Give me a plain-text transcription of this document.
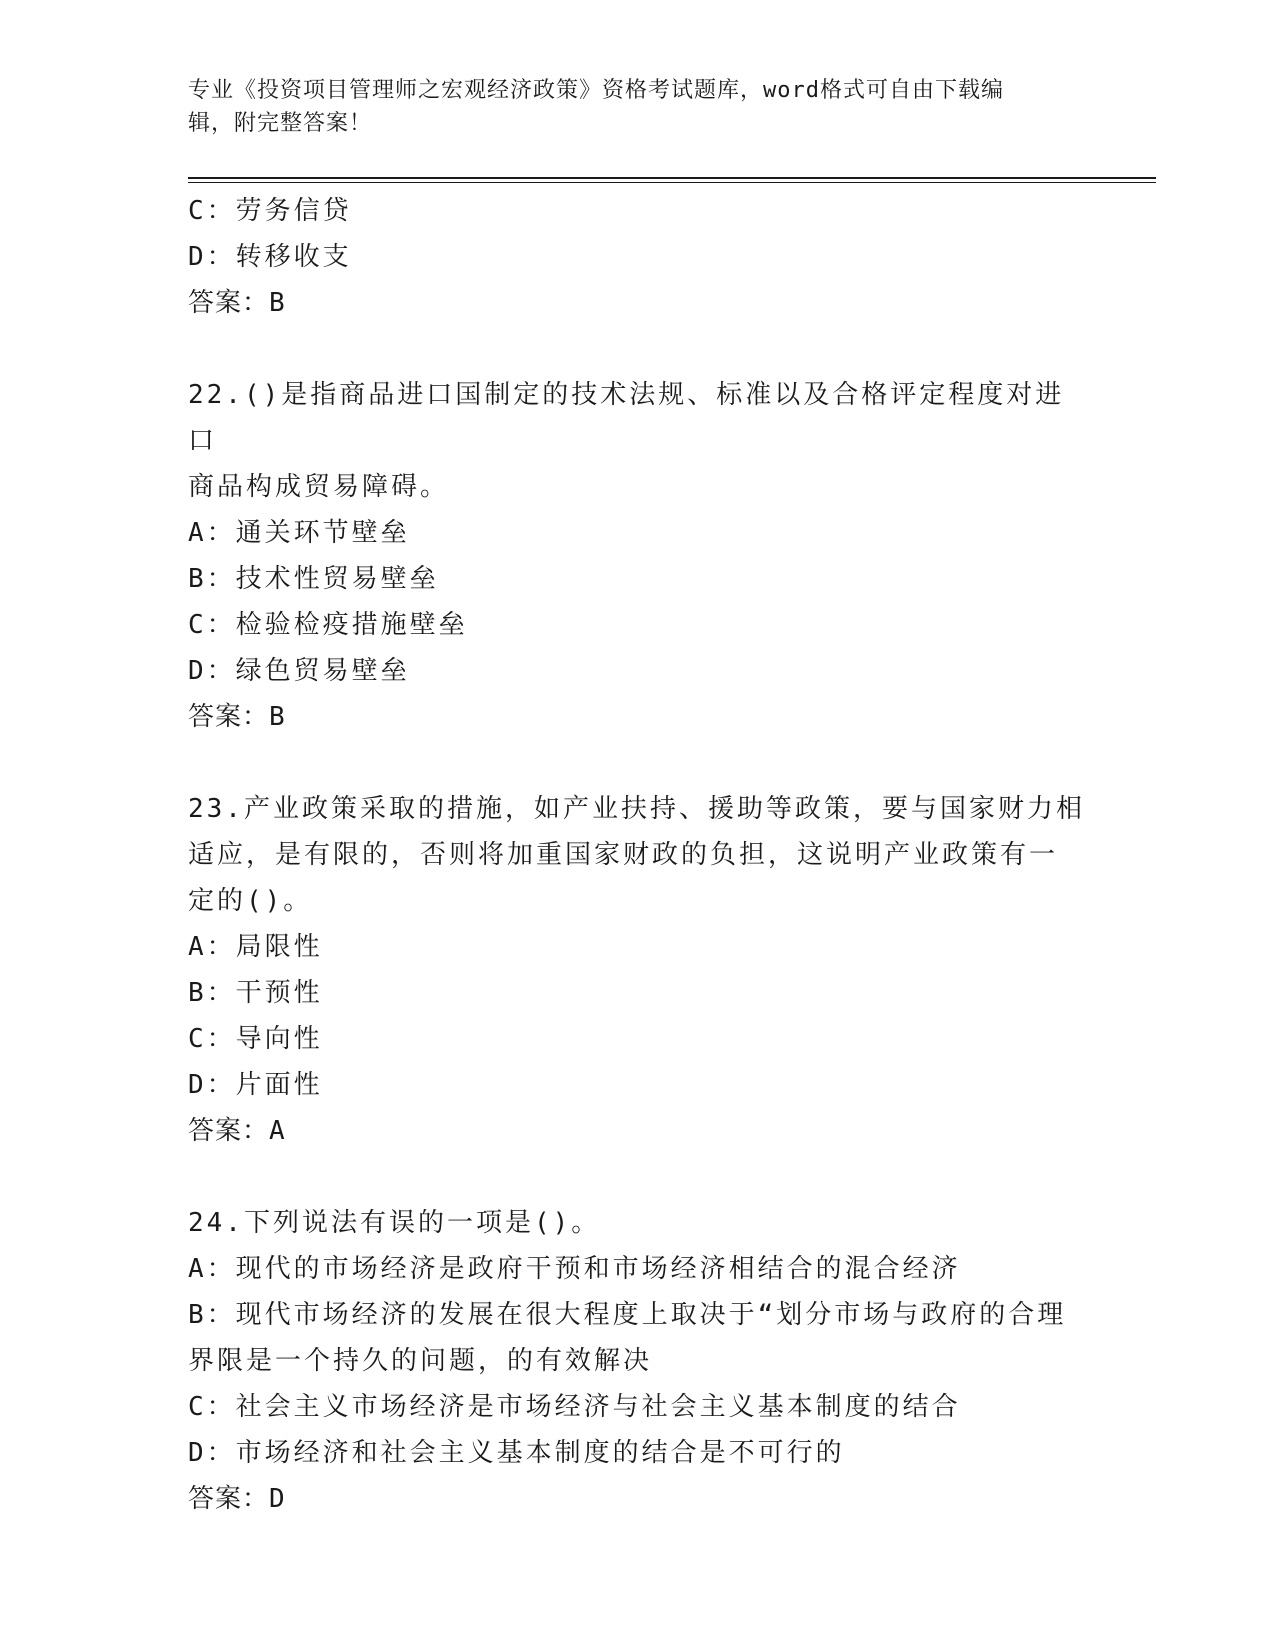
专业《投资项目管理师之宏观经济政策》资格考试题库，word格式可自由下载编
辑，附完整答案！
C：劳务信贷
D：转移收支
答案：B
22.()是指商品进口国制定的技术法规、标准以及合格评定程度对进口
商品构成贸易障碍。
A：通关环节壁垒
B：技术性贸易壁垒
C：检验检疫措施壁垒
D：绿色贸易壁垒
答案：B
23.产业政策采取的措施，如产业扶持、援助等政策，要与国家财力相
适应，是有限的，否则将加重国家财政的负担，这说明产业政策有一
定的()。
A：局限性
B：干预性
C：导向性
D：片面性
答案：A
24.下列说法有误的一项是()。
A：现代的市场经济是政府干预和市场经济相结合的混合经济
B：现代市场经济的发展在很大程度上取决于“划分市场与政府的合理
界限是一个持久的问题，的有效解决
C：社会主义市场经济是市场经济与社会主义基本制度的结合
D：市场经济和社会主义基本制度的结合是不可行的
答案：D
